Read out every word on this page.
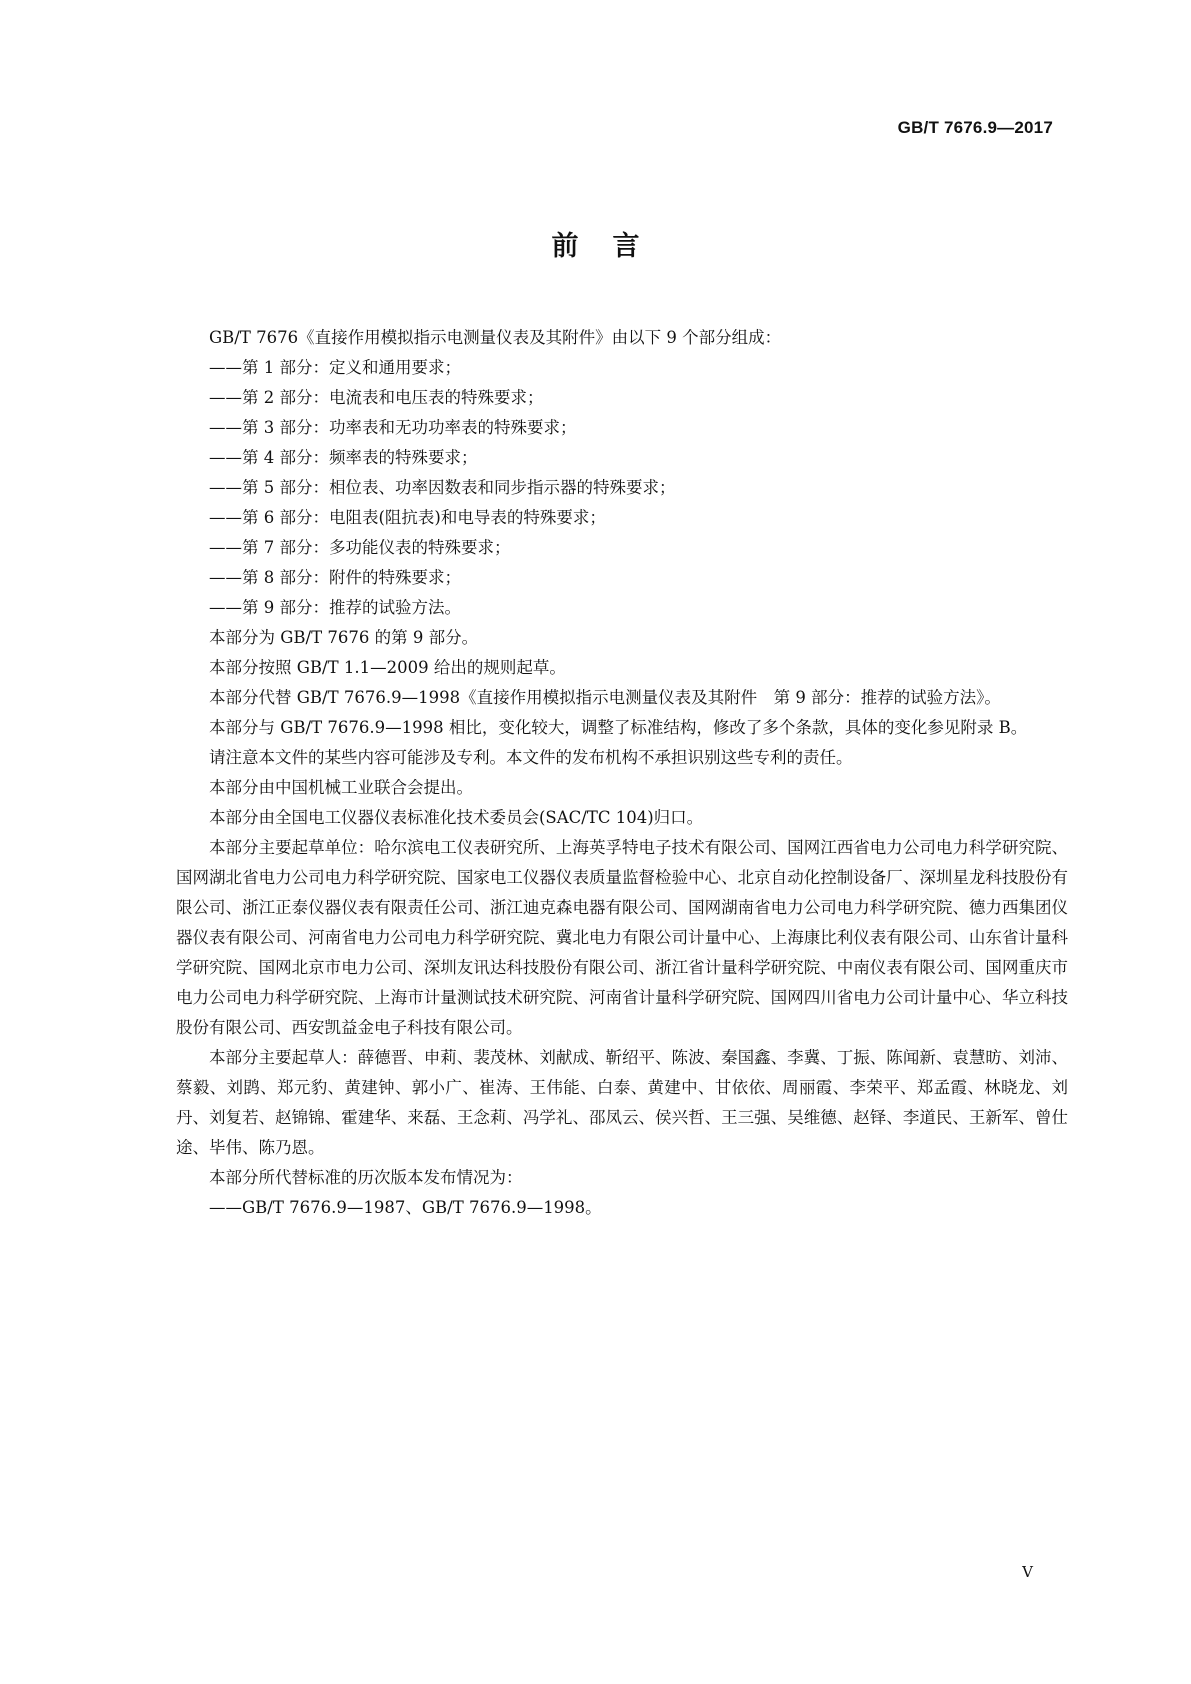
GB/T 7676.9—2017
前言

GB/T 7676《直接作用模拟指示电测量仪表及其附件》由以下 9 个部分组成：

——第 1 部分：定义和通用要求；

——第 2 部分：电流表和电压表的特殊要求；

——第 3 部分：功率表和无功功率表的特殊要求；

——第 4 部分：频率表的特殊要求；

——第 5 部分：相位表、功率因数表和同步指示器的特殊要求；

——第 6 部分：电阻表(阻抗表)和电导表的特殊要求；

——第 7 部分：多功能仪表的特殊要求；

——第 8 部分：附件的特殊要求；

——第 9 部分：推荐的试验方法。

本部分为 GB/T 7676 的第 9 部分。

本部分按照 GB/T 1.1—2009 给出的规则起草。

本部分代替 GB/T 7676.9—1998《直接作用模拟指示电测量仪表及其附件　第 9 部分：推荐的试验方法》。

本部分与 GB/T 7676.9—1998 相比，变化较大，调整了标准结构，修改了多个条款，具体的变化参见附录 B。

请注意本文件的某些内容可能涉及专利。本文件的发布机构不承担识别这些专利的责任。

本部分由中国机械工业联合会提出。

本部分由全国电工仪器仪表标准化技术委员会(SAC/TC 104)归口。

本部分主要起草单位：哈尔滨电工仪表研究所、上海英孚特电子技术有限公司、国网江西省电力公司电力科学研究院、国网湖北省电力公司电力科学研究院、国家电工仪器仪表质量监督检验中心、北京自动化控制设备厂、深圳星龙科技股份有限公司、浙江正泰仪器仪表有限责任公司、浙江迪克森电器有限公司、国网湖南省电力公司电力科学研究院、德力西集团仪器仪表有限公司、河南省电力公司电力科学研究院、冀北电力有限公司计量中心、上海康比利仪表有限公司、山东省计量科学研究院、国网北京市电力公司、深圳友讯达科技股份有限公司、浙江省计量科学研究院、中南仪表有限公司、国网重庆市电力公司电力科学研究院、上海市计量测试技术研究院、河南省计量科学研究院、国网四川省电力公司计量中心、华立科技股份有限公司、西安凯益金电子科技有限公司。

本部分主要起草人：薛德晋、申莉、裴茂林、刘献成、靳绍平、陈波、秦国鑫、李冀、丁振、陈闻新、袁慧昉、刘沛、蔡毅、刘鹍、郑元豹、黄建钟、郭小广、崔涛、王伟能、白泰、黄建中、甘依依、周丽霞、李荣平、郑孟霞、林晓龙、刘丹、刘复若、赵锦锦、霍建华、来磊、王念莉、冯学礼、邵凤云、侯兴哲、王三强、吴维德、赵铎、李道民、王新军、曾仕途、毕伟、陈乃恩。

本部分所代替标准的历次版本发布情况为：

——GB/T 7676.9—1987、GB/T 7676.9—1998。

V
